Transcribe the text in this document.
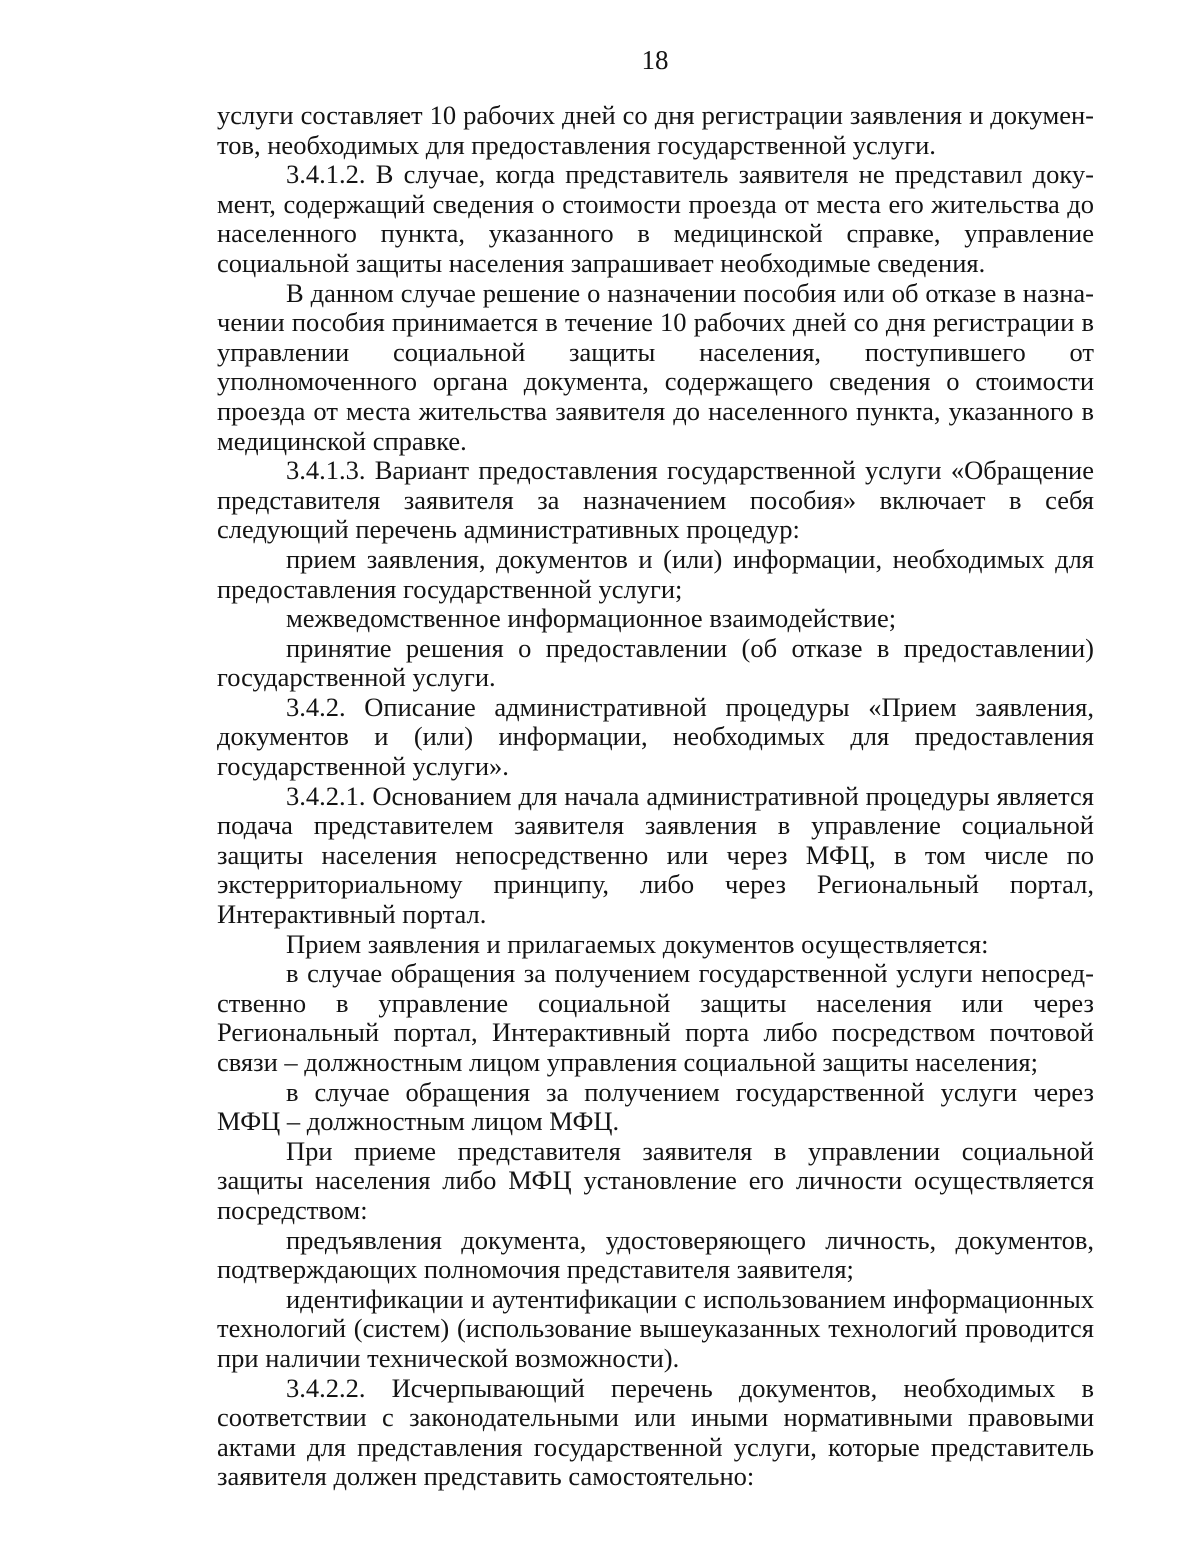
18

услуги составляет 10 рабочих дней со дня регистрации заявления и документов, необходимых для предоставления государственной услуги.

3.4.1.2. В случае, когда представитель заявителя не представил документ, содержащий сведения о стоимости проезда от места его жительства до населенного пункта, указанного в медицинской справке, управление социальной защиты населения запрашивает необходимые сведения.

В данном случае решение о назначении пособия или об отказе в назначении пособия принимается в течение 10 рабочих дней со дня регистрации в управлении социальной защиты населения, поступившего от уполномоченного органа документа, содержащего сведения о стоимости проезда от места жительства заявителя до населенного пункта, указанного в медицинской справке.

3.4.1.3. Вариант предоставления государственной услуги «Обращение представителя заявителя за назначением пособия» включает в себя следующий перечень административных процедур:

прием заявления, документов и (или) информации, необходимых для предоставления государственной услуги;

межведомственное информационное взаимодействие;

принятие решения о предоставлении (об отказе в предоставлении) государственной услуги.

3.4.2. Описание административной процедуры «Прием заявления, документов и (или) информации, необходимых для предоставления государственной услуги».

3.4.2.1. Основанием для начала административной процедуры является подача представителем заявителя заявления в управление социальной защиты населения непосредственно или через МФЦ, в том числе по экстерриториальному принципу, либо через Региональный портал, Интерактивный портал.

Прием заявления и прилагаемых документов осуществляется:

в случае обращения за получением государственной услуги непосредственно в управление социальной защиты населения или через Региональный портал, Интерактивный порта либо посредством почтовой связи – должностным лицом управления социальной защиты населения;

в случае обращения за получением государственной услуги через МФЦ – должностным лицом МФЦ.

При приеме представителя заявителя в управлении социальной защиты населения либо МФЦ установление его личности осуществляется посредством:

предъявления документа, удостоверяющего личность, документов, подтверждающих полномочия представителя заявителя;

идентификации и аутентификации с использованием информационных технологий (систем) (использование вышеуказанных технологий проводится при наличии технической возможности).

3.4.2.2. Исчерпывающий перечень документов, необходимых в соответствии с законодательными или иными нормативными правовыми актами для представления государственной услуги, которые представитель заявителя должен представить самостоятельно:
